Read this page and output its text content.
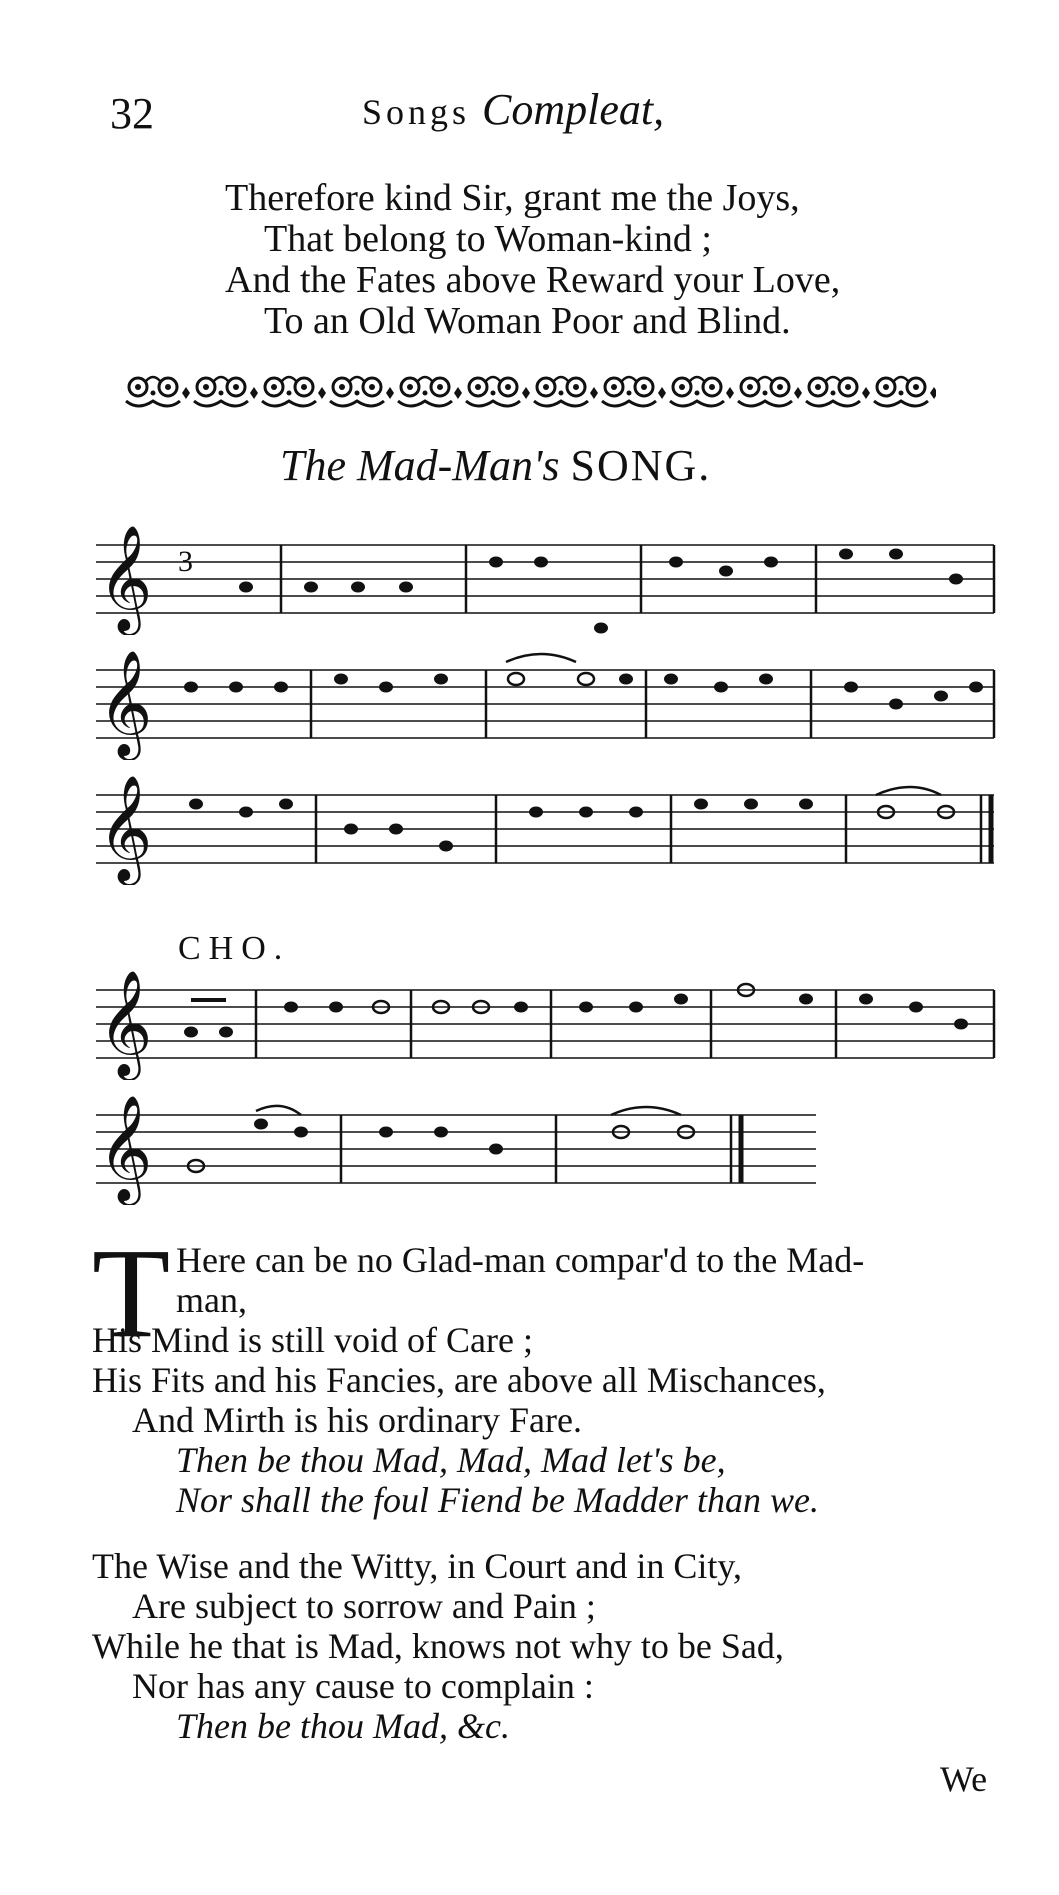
32	Songs Compleat,
Therefore kind Sir, grant me the Joys,
That belong to Woman-kind ;
And the Fates above Reward your Love,
To an Old Woman Poor and Blind.
The Mad-Man's SONG.
𝄞 3
𝄞
𝄞
CHO.
𝄞
𝄞
T Here can be no Glad-man compar'd to the Mad-
man,
His Mind is still void of Care ;
His Fits and his Fancies, are above all Mischances,
And Mirth is his ordinary Fare.
Then be thou Mad, Mad, Mad let's be,
Nor shall the foul Fiend be Madder than we.
The Wise and the Witty, in Court and in City,
Are subject to sorrow and Pain ;
While he that is Mad, knows not why to be Sad,
Nor has any cause to complain :
Then be thou Mad, &c.
We
